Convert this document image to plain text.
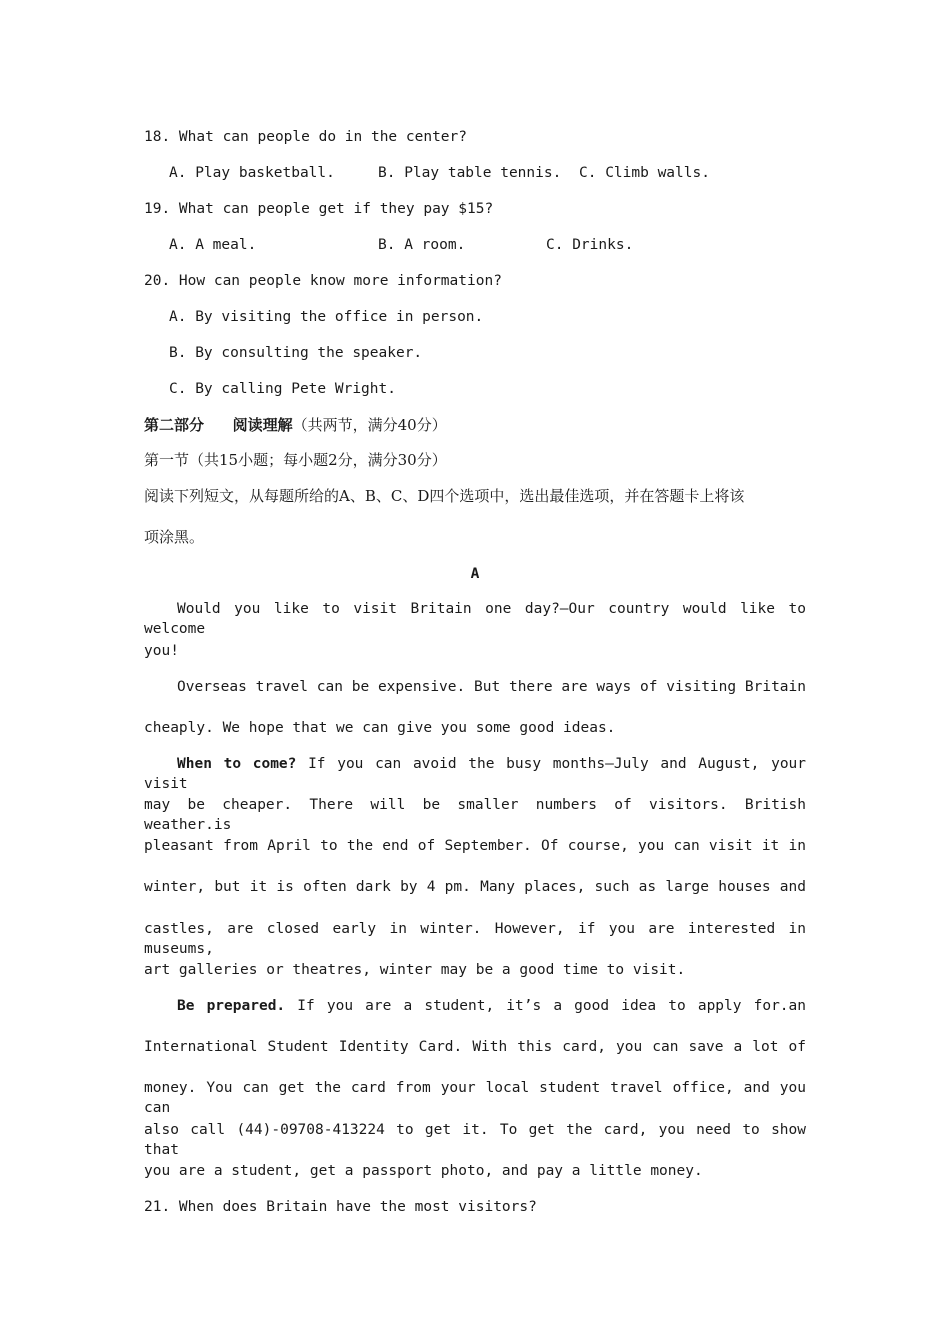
18. What can people do in the center?
A. Play basketball.	B. Play table tennis. C. Climb walls.
19. What can people get if they pay $15?
A. A meal.	B. A room.	C. Drinks.
20. How can people know more information?
A. By visiting the office in person.
B. By consulting the speaker.
C. By calling Pete Wright.
第二部分 阅读理解（共两节，满分40分）
第一节（共15小题；每小题2分，满分30分）
阅读下列短文，从每题所给的A、B、C、D四个选项中，选出最佳选项，并在答题卡上将该
项涂黑。
A
Would you like to visit Britain one day?—Our country would like to welcome
you!
Overseas travel can be expensive. But there are ways of visiting Britain
cheaply. We hope that we can give you some good ideas.
When to come? If you can avoid the busy months—July and August, your visit
may be cheaper. There will be smaller numbers of visitors. British weather.is
pleasant from April to the end of September. Of course, you can visit it in
winter, but it is often dark by 4 pm. Many places, such as large houses and
castles, are closed early in winter. However, if you are interested in museums,
art galleries or theatres, winter may be a good time to visit.
Be prepared. If you are a student, it’s a good idea to apply for.an
International Student Identity Card. With this card, you can save a lot of
money. You can get the card from your local student travel office, and you can
also call (44)-09708-413224 to get it. To get the card, you need to show that
you are a student, get a passport photo, and pay a little money.
21. When does Britain have the most visitors?
